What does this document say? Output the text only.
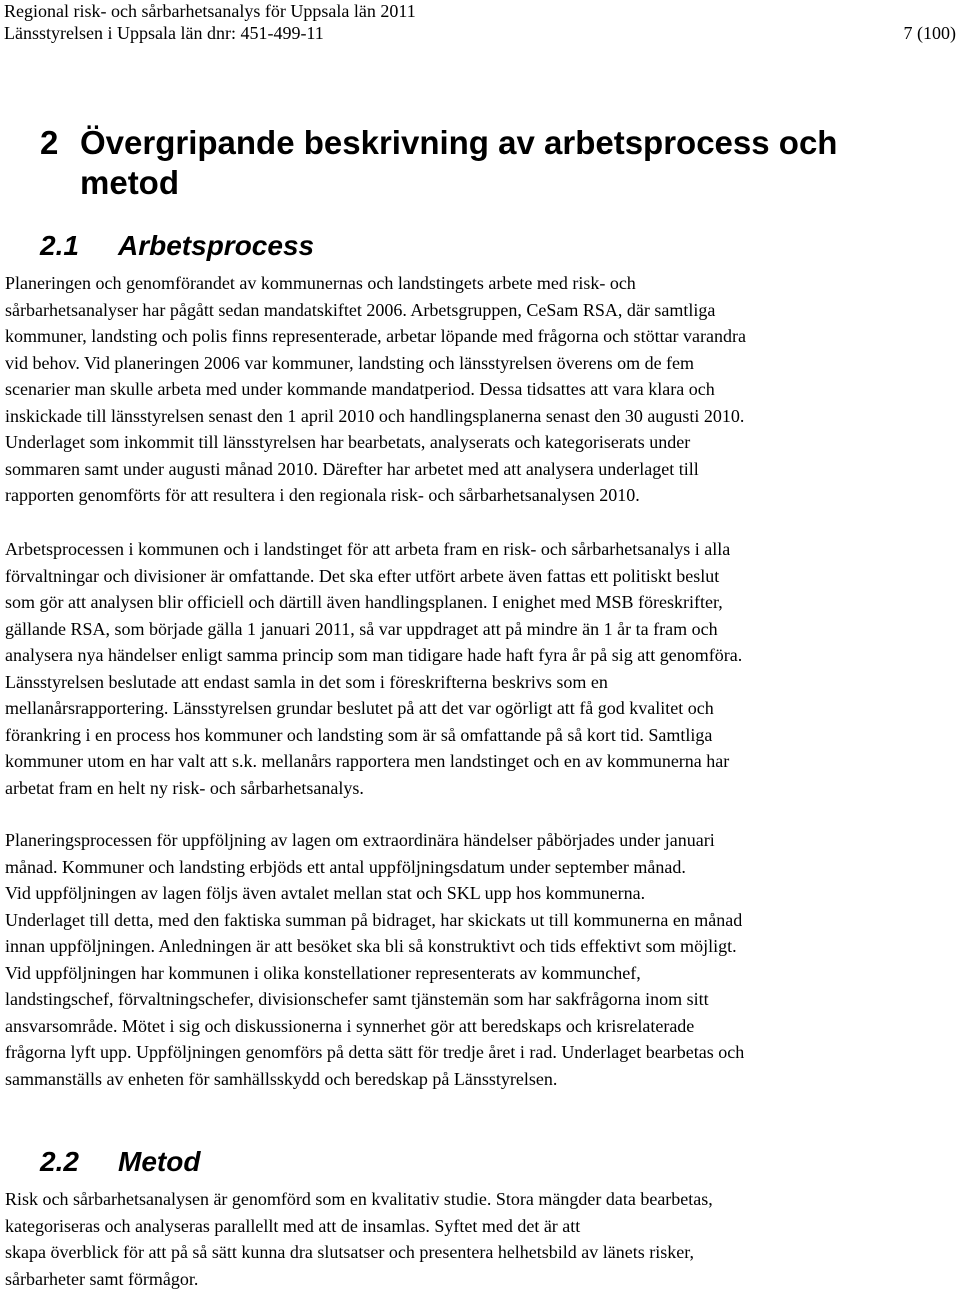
Regional risk- och sårbarhetsanalys för Uppsala län 2011
Länsstyrelsen i Uppsala län dnr: 451-499-11	7 (100)
2 Övergripande beskrivning av arbetsprocess och
metod
2.1 Arbetsprocess
Planeringen och genomförandet av kommunernas och landstingets arbete med risk- och
sårbarhetsanalyser har pågått sedan mandatskiftet 2006. Arbetsgruppen, CeSam RSA, där samtliga
kommuner, landsting och polis finns representerade, arbetar löpande med frågorna och stöttar varandra
vid behov. Vid planeringen 2006 var kommuner, landsting och länsstyrelsen överens om de fem
scenarier man skulle arbeta med under kommande mandatperiod. Dessa tidsattes att vara klara och
inskickade till länsstyrelsen senast den 1 april 2010 och handlingsplanerna senast den 30 augusti 2010.
Underlaget som inkommit till länsstyrelsen har bearbetats, analyserats och kategoriserats under
sommaren samt under augusti månad 2010. Därefter har arbetet med att analysera underlaget till
rapporten genomförts för att resultera i den regionala risk- och sårbarhetsanalysen 2010.
Arbetsprocessen i kommunen och i landstinget för att arbeta fram en risk- och sårbarhetsanalys i alla
förvaltningar och divisioner är omfattande. Det ska efter utfört arbete även fattas ett politiskt beslut
som gör att analysen blir officiell och därtill även handlingsplanen. I enighet med MSB föreskrifter,
gällande RSA, som började gälla 1 januari 2011, så var uppdraget att på mindre än 1 år ta fram och
analysera nya händelser enligt samma princip som man tidigare hade haft fyra år på sig att genomföra.
Länsstyrelsen beslutade att endast samla in det som i föreskrifterna beskrivs som en
mellanårsrapportering. Länsstyrelsen grundar beslutet på att det var ogörligt att få god kvalitet och
förankring i en process hos kommuner och landsting som är så omfattande på så kort tid. Samtliga
kommuner utom en har valt att s.k. mellanårs rapportera men landstinget och en av kommunerna har
arbetat fram en helt ny risk- och sårbarhetsanalys.
Planeringsprocessen för uppföljning av lagen om extraordinära händelser påbörjades under januari
månad. Kommuner och landsting erbjöds ett antal uppföljningsdatum under september månad.
Vid uppföljningen av lagen följs även avtalet mellan stat och SKL upp hos kommunerna.
Underlaget till detta, med den faktiska summan på bidraget, har skickats ut till kommunerna en månad
innan uppföljningen. Anledningen är att besöket ska bli så konstruktivt och tids effektivt som möjligt.
Vid uppföljningen har kommunen i olika konstellationer representerats av kommunchef,
landstingschef, förvaltningschefer, divisionschefer samt tjänstemän som har sakfrågorna inom sitt
ansvarsområde. Mötet i sig och diskussionerna i synnerhet gör att beredskaps och krisrelaterade
frågorna lyft upp. Uppföljningen genomförs på detta sätt för tredje året i rad. Underlaget bearbetas och
sammanställs av enheten för samhällsskydd och beredskap på Länsstyrelsen.
2.2 Metod
Risk och sårbarhetsanalysen är genomförd som en kvalitativ studie. Stora mängder data bearbetas,
kategoriseras och analyseras parallellt med att de insamlas. Syftet med det är att
skapa överblick för att på så sätt kunna dra slutsatser och presentera helhetsbild av länets risker,
sårbarheter samt förmågor.
